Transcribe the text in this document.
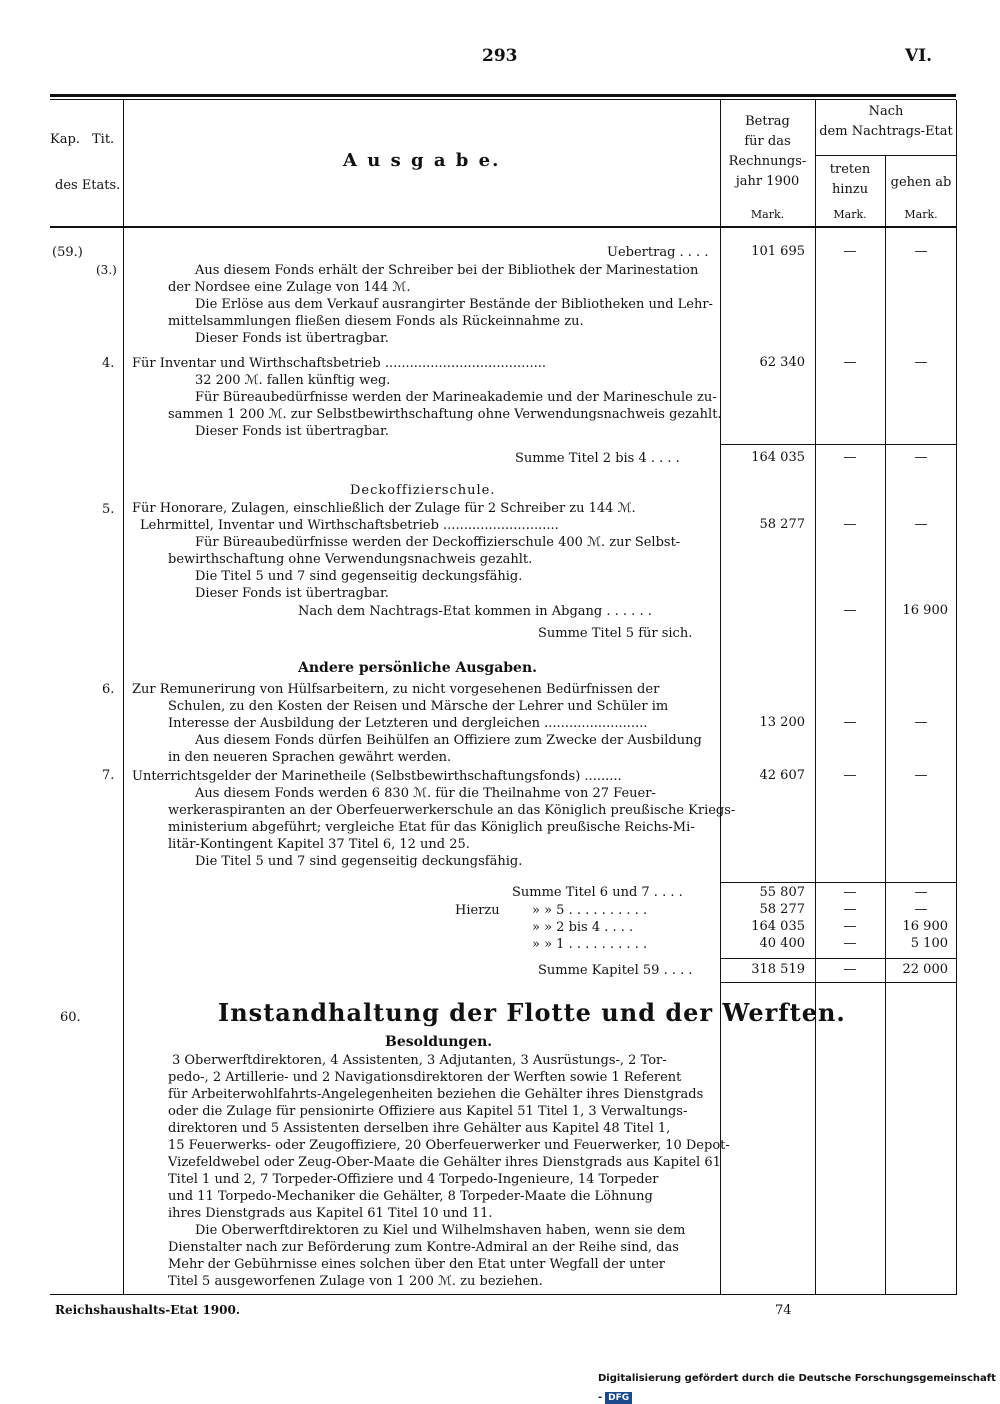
293	VI.
Kap. Tit.
des Etats.
A u s g a b e.
Betrag
für das
Rechnungs-
jahr 1900
Mark.
Nach
dem Nachtrags-Etat
treten
hinzu
Mark.
gehen ab
Mark.
(59.)
(3.)
4.
5.
6.
7.
60.
Uebertrag . . . .
Aus diesem Fonds erhält der Schreiber bei der Bibliothek der Marinestation
der Nordsee eine Zulage von 144 ℳ.
Die Erlöse aus dem Verkauf ausrangirter Bestände der Bibliotheken und Lehr-
mittelsammlungen fließen diesem Fonds als Rückeinnahme zu.
Dieser Fonds ist übertragbar.
Für Inventar und Wirthschaftsbetrieb .......................................
32 200 ℳ. fallen künftig weg.
Für Büreaubedürfnisse werden der Marineakademie und der Marineschule zu-
sammen 1 200 ℳ. zur Selbstbewirthschaftung ohne Verwendungsnachweis gezahlt.
Dieser Fonds ist übertragbar.
Summe Titel 2 bis 4 . . . .
Deckoffizierschule.
Für Honorare, Zulagen, einschließlich der Zulage für 2 Schreiber zu 144 ℳ.
Lehrmittel, Inventar und Wirthschaftsbetrieb ............................
Für Büreaubedürfnisse werden der Deckoffizierschule 400 ℳ. zur Selbst-
bewirthschaftung ohne Verwendungsnachweis gezahlt.
Die Titel 5 und 7 sind gegenseitig deckungsfähig.
Dieser Fonds ist übertragbar.
Nach dem Nachtrags-Etat kommen in Abgang . . . . . .
Summe Titel 5 für sich.
Andere persönliche Ausgaben.
Zur Remunerirung von Hülfsarbeitern, zu nicht vorgesehenen Bedürfnissen der
Schulen, zu den Kosten der Reisen und Märsche der Lehrer und Schüler im
Interesse der Ausbildung der Letzteren und dergleichen .........................
Aus diesem Fonds dürfen Beihülfen an Offiziere zum Zwecke der Ausbildung
in den neueren Sprachen gewährt werden.
Unterrichtsgelder der Marinetheile (Selbstbewirthschaftungsfonds) .........
Aus diesem Fonds werden 6 830 ℳ. für die Theilnahme von 27 Feuer-
werkeraspiranten an der Oberfeuerwerkerschule an das Königlich preußische Kriegs-
ministerium abgeführt; vergleiche Etat für das Königlich preußische Reichs-Mi-
litär-Kontingent Kapitel 37 Titel 6, 12 und 25.
Die Titel 5 und 7 sind gegenseitig deckungsfähig.
Summe Titel 6 und 7 . . . .
Hierzu » » 5 . . . . . . . . . .
» » 2 bis 4 . . . .
» » 1 . . . . . . . . . .
Summe Kapitel 59 . . . .
Instandhaltung der Flotte und der Werften.
Besoldungen.
3 Oberwerftdirektoren, 4 Assistenten, 3 Adjutanten, 3 Ausrüstungs-, 2 Tor-
pedo-, 2 Artillerie- und 2 Navigationsdirektoren der Werften sowie 1 Referent
für Arbeiterwohlfahrts-Angelegenheiten beziehen die Gehälter ihres Dienstgrads
oder die Zulage für pensionirte Offiziere aus Kapitel 51 Titel 1, 3 Verwaltungs-
direktoren und 5 Assistenten derselben ihre Gehälter aus Kapitel 48 Titel 1,
15 Feuerwerks- oder Zeugoffiziere, 20 Oberfeuerwerker und Feuerwerker, 10 Depot-
Vizefeldwebel oder Zeug-Ober-Maate die Gehälter ihres Dienstgrads aus Kapitel 61
Titel 1 und 2, 7 Torpeder-Offiziere und 4 Torpedo-Ingenieure, 14 Torpeder
und 11 Torpedo-Mechaniker die Gehälter, 8 Torpeder-Maate die Löhnung
ihres Dienstgrads aus Kapitel 61 Titel 10 und 11.
Die Oberwerftdirektoren zu Kiel und Wilhelmshaven haben, wenn sie dem
Dienstalter nach zur Beförderung zum Kontre-Admiral an der Reihe sind, das
Mehr der Gebührnisse eines solchen über den Etat unter Wegfall der unter
Titel 5 ausgeworfenen Zulage von 1 200 ℳ. zu beziehen.
101 695
62 340
164 035
58 277
13 200
42 607
55 807
58 277
164 035
40 400
318 519
16 900
16 900
5 100
22 000
—
—
—
—
—
—
—
—
—
—
—
—
—
—
—
—
—
—
—
—
Reichshaushalts-Etat 1900.	74
Digitalisierung gefördert durch die Deutsche Forschungsgemeinschaft - DFG
